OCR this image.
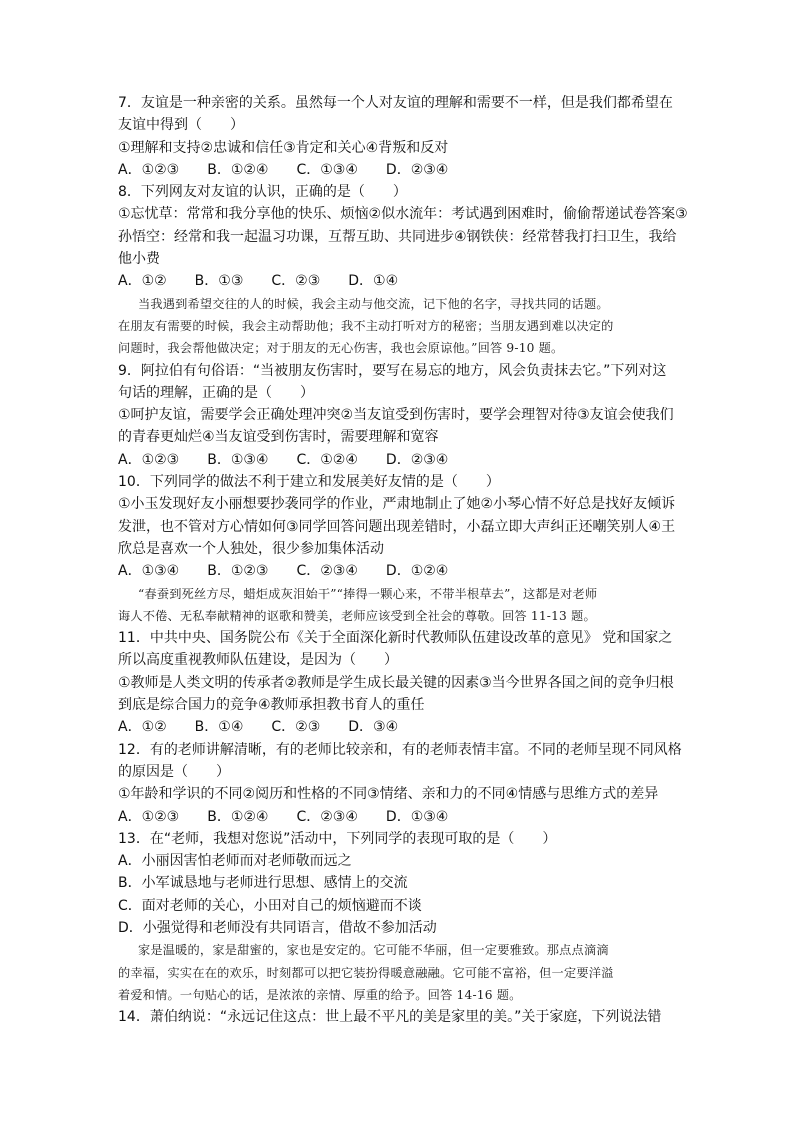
7．友谊是一种亲密的关系。虽然每一个人对友谊的理解和需要不一样，但是我们都希望在
友谊中得到（　　）
①理解和支持②忠诚和信任③肯定和关心④背叛和反对
A．①②③　　B．①②④　　C．①③④　　D．②③④
8．下列网友对友谊的认识，正确的是（　　）
①忘忧草：常常和我分享他的快乐、烦恼②似水流年：考试遇到困难时，偷偷帮递试卷答案③
孙悟空：经常和我一起温习功课，互帮互助、共同进步④钢铁侠：经常替我打扫卫生，我给
他小费
A．①②　　B．①③　　C．②③　　D．①④
当我遇到希望交往的人的时候，我会主动与他交流，记下他的名字，寻找共同的话题。
在朋友有需要的时候，我会主动帮助他；我不主动打听对方的秘密；当朋友遇到难以决定的
问题时，我会帮他做决定；对于朋友的无心伤害，我也会原谅他。”回答 9-10 题。
9．阿拉伯有句俗语：“当被朋友伤害时，要写在易忘的地方，风会负责抹去它。”下列对这
句话的理解，正确的是（　　）
①呵护友谊，需要学会正确处理冲突②当友谊受到伤害时，要学会理智对待③友谊会使我们
的青春更灿烂④当友谊受到伤害时，需要理解和宽容
A．①②③　　B．①③④　　C．①②④　　D．②③④
10．下列同学的做法不利于建立和发展美好友情的是（　　）
①小玉发现好友小丽想要抄袭同学的作业，严肃地制止了她②小琴心情不好总是找好友倾诉
发泄，也不管对方心情如何③同学回答问题出现差错时，小磊立即大声纠正还嘲笑别人④王
欣总是喜欢一个人独处，很少参加集体活动
A．①③④　　B．①②③　　C．②③④　　D．①②④
“春蚕到死丝方尽，蜡炬成灰泪始干”“捧得一颗心来，不带半根草去”，这都是对老师
诲人不倦、无私奉献精神的讴歌和赞美，老师应该受到全社会的尊敬。回答 11-13 题。
11．中共中央、国务院公布《关于全面深化新时代教师队伍建设改革的意见》 党和国家之
所以高度重视教师队伍建设，是因为（　　）
①教师是人类文明的传承者②教师是学生成长最关键的因素③当今世界各国之间的竞争归根
到底是综合国力的竞争④教师承担教书育人的重任
A．①②　　B．①④　　C．②③　　D．③④
12．有的老师讲解清晰，有的老师比较亲和，有的老师表情丰富。不同的老师呈现不同风格
的原因是（　　）
①年龄和学识的不同②阅历和性格的不同③情绪、亲和力的不同④情感与思维方式的差异
A．①②③　　B．①②④　　C．②③④　　D．①③④
13．在“老师，我想对您说”活动中，下列同学的表现可取的是（　　）
A．小丽因害怕老师而对老师敬而远之
B．小军诚恳地与老师进行思想、感情上的交流
C．面对老师的关心，小田对自己的烦恼避而不谈
D．小强觉得和老师没有共同语言，借故不参加活动
家是温暖的，家是甜蜜的，家也是安定的。它可能不华丽，但一定要雅致。那点点滴滴
的幸福，实实在在的欢乐，时刻都可以把它装扮得暖意融融。它可能不富裕，但一定要洋溢
着爱和情。一句贴心的话，是浓浓的亲情、厚重的给予。回答 14-16 题。
14．萧伯纳说：“永远记住这点：世上最不平凡的美是家里的美。”关于家庭，下列说法错
